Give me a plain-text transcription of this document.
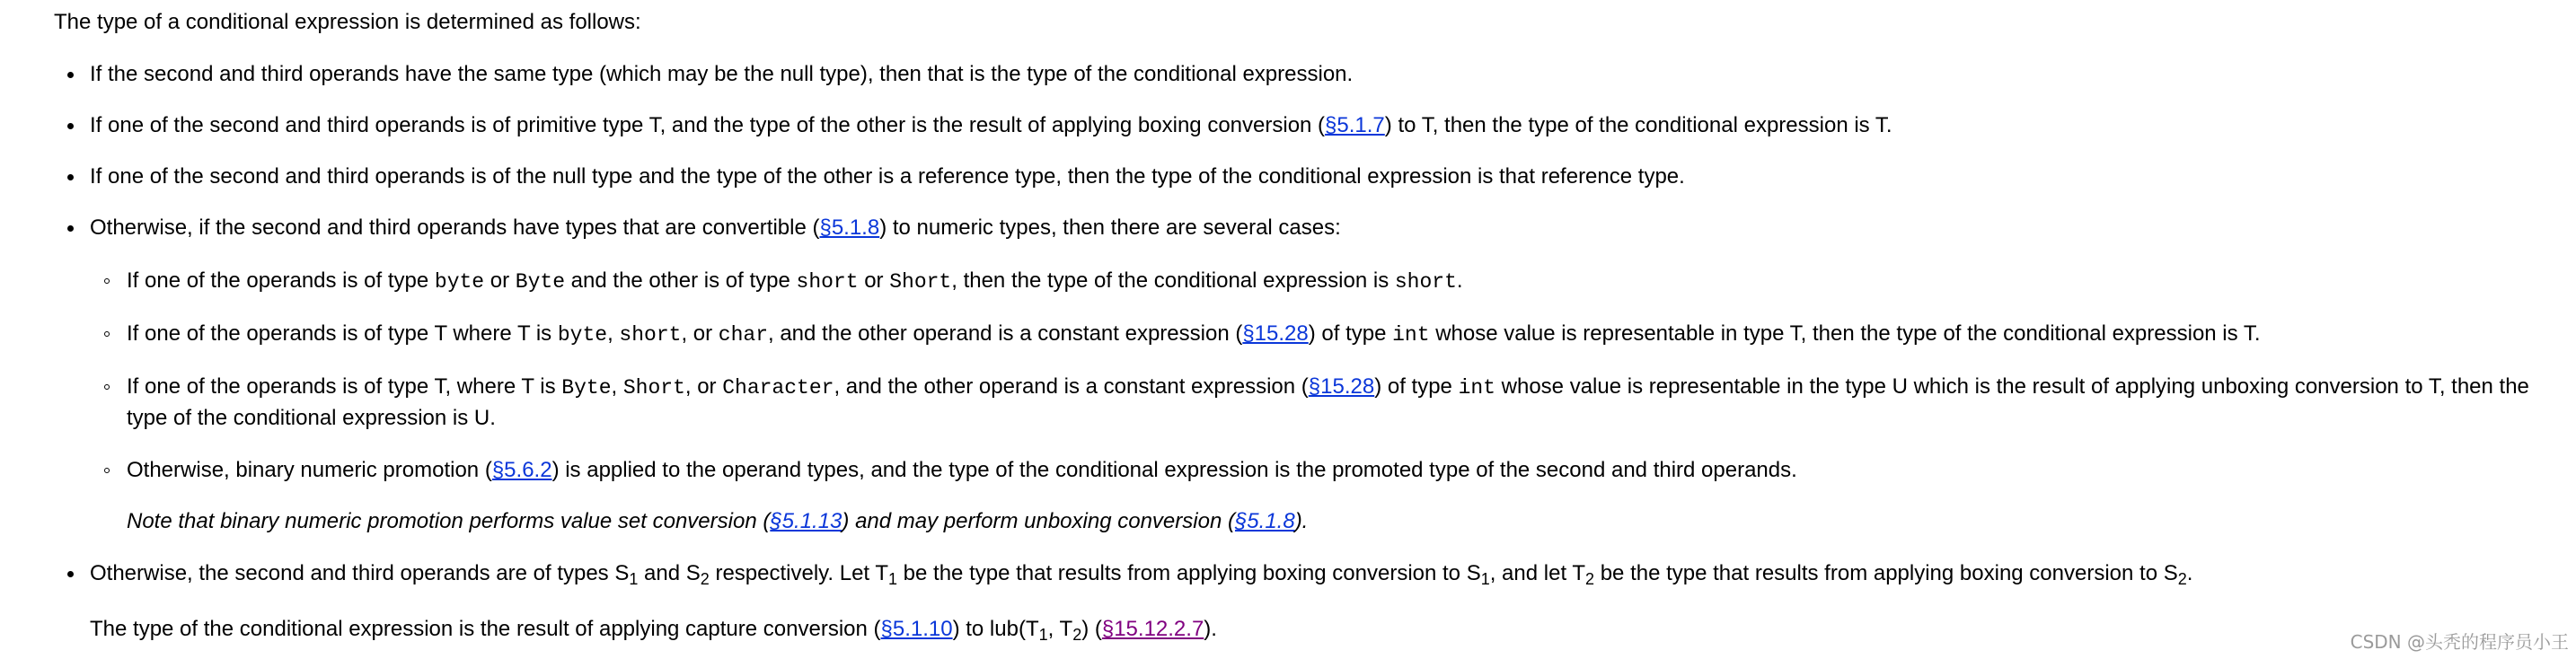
The type of a conditional expression is determined as follows:
If the second and third operands have the same type (which may be the null type), then that is the type of the conditional expression.
If one of the second and third operands is of primitive type T, and the type of the other is the result of applying boxing conversion (§5.1.7) to T, then the type of the conditional expression is T.
If one of the second and third operands is of the null type and the type of the other is a reference type, then the type of the conditional expression is that reference type.
Otherwise, if the second and third operands have types that are convertible (§5.1.8) to numeric types, then there are several cases:
If one of the operands is of type byte or Byte and the other is of type short or Short, then the type of the conditional expression is short.
If one of the operands is of type T where T is byte, short, or char, and the other operand is a constant expression (§15.28) of type int whose value is representable in type T, then the type of the conditional expression is T.
If one of the operands is of type T, where T is Byte, Short, or Character, and the other operand is a constant expression (§15.28) of type int whose value is representable in the type U which is the result of applying unboxing conversion to T, then the
type of the conditional expression is U.
Otherwise, binary numeric promotion (§5.6.2) is applied to the operand types, and the type of the conditional expression is the promoted type of the second and third operands.
Note that binary numeric promotion performs value set conversion (§5.1.13) and may perform unboxing conversion (§5.1.8).
Otherwise, the second and third operands are of types $S_1$ and $S_2$ respectively. Let $T_1$ be the type that results from applying boxing conversion to $S_1$, and let $T_2$ be the type that results from applying boxing conversion to $S_2$.
The type of the conditional expression is the result of applying capture conversion (§5.1.10) to $lub(T_1$, $T_2$) (§15.12.2.7).
CSDN @头秃的程序员小王
